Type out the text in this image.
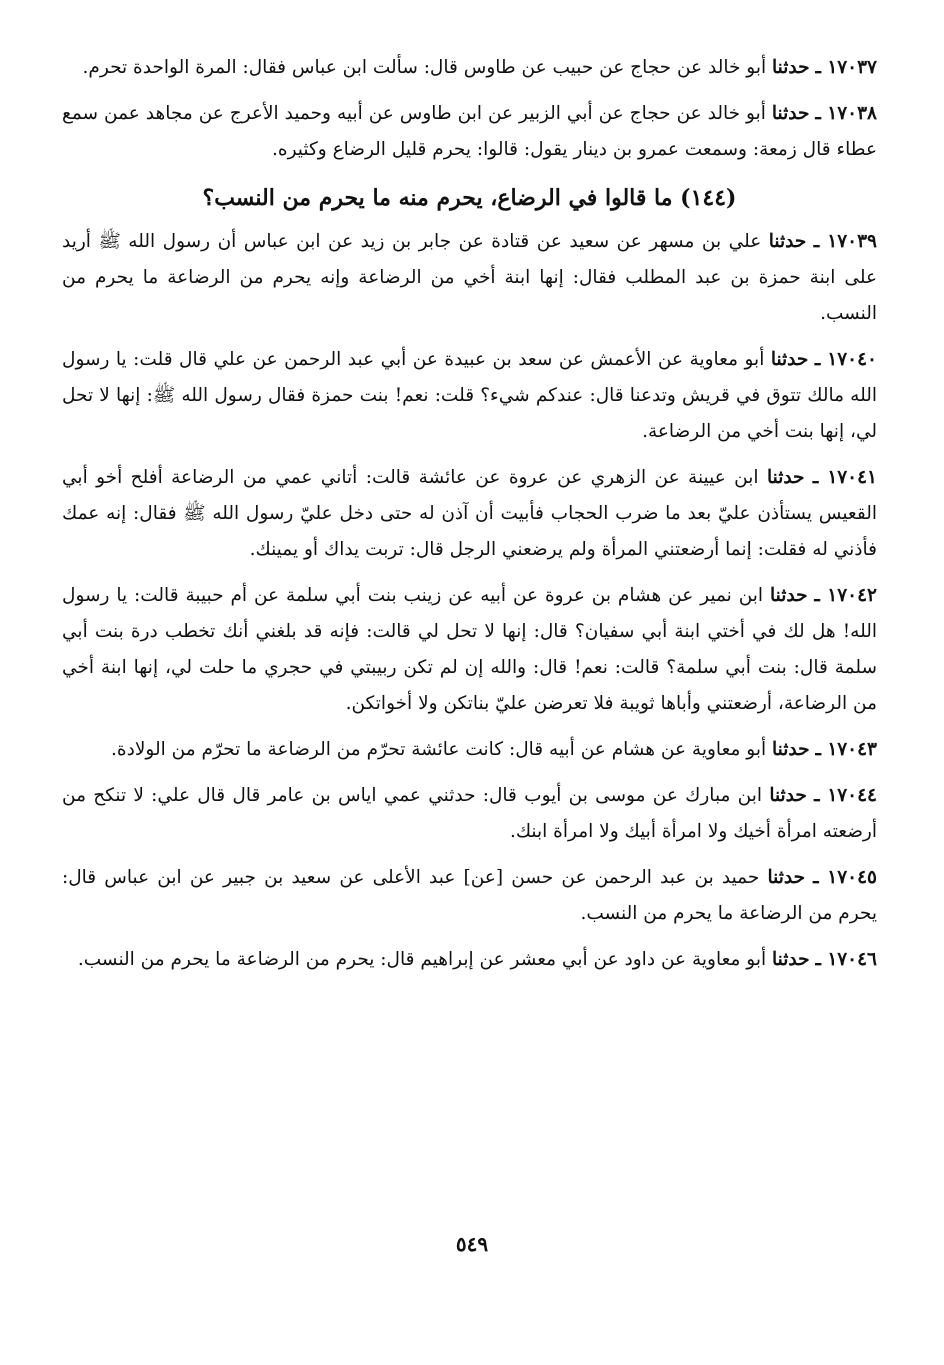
١٧٠٣٧ ـ حدثنا أبو خالد عن حجاج عن حبيب عن طاوس قال: سألت ابن عباس فقال: المرة الواحدة تحرم.

١٧٠٣٨ ـ حدثنا أبو خالد عن حجاج عن أبي الزبير عن ابن طاوس عن أبيه وحميد الأعرج عن مجاهد عمن سمع عطاء قال زمعة: وسمعت عمرو بن دينار يقول: قالوا: يحرم قليل الرضاع وكثيره.

(١٤٤) ما قالوا في الرضاع، يحرم منه ما يحرم من النسب؟

١٧٠٣٩ ـ حدثنا علي بن مسهر عن سعيد عن قتادة عن جابر بن زيد عن ابن عباس أن رسول الله ﷺ أريد على ابنة حمزة بن عبد المطلب فقال: إنها ابنة أخي من الرضاعة وإنه يحرم من الرضاعة ما يحرم من النسب.

١٧٠٤٠ ـ حدثنا أبو معاوية عن الأعمش عن سعد بن عبيدة عن أبي عبد الرحمن عن علي قال قلت: يا رسول الله مالك تتوق في قريش وتدعنا قال: عندكم شيء؟ قلت: نعم! بنت حمزة فقال رسول الله ﷺ: إنها لا تحل لي، إنها بنت أخي من الرضاعة.

١٧٠٤١ ـ حدثنا ابن عيينة عن الزهري عن عروة عن عائشة قالت: أتاني عمي من الرضاعة أفلح أخو أبي القعيس يستأذن عليّ بعد ما ضرب الحجاب فأبيت أن آذن له حتى دخل عليّ رسول الله ﷺ فقال: إنه عمك فأذني له فقلت: إنما أرضعتني المرأة ولم يرضعني الرجل قال: تربت يداك أو يمينك.

١٧٠٤٢ ـ حدثنا ابن نمير عن هشام بن عروة عن أبيه عن زينب بنت أبي سلمة عن أم حبيبة قالت: يا رسول الله! هل لك في أختي ابنة أبي سفيان؟ قال: إنها لا تحل لي قالت: فإنه قد بلغني أنك تخطب درة بنت أبي سلمة قال: بنت أبي سلمة؟ قالت: نعم! قال: والله إن لم تكن ربيبتي في حجري ما حلت لي، إنها ابنة أخي من الرضاعة، أرضعتني وأباها ثويبة فلا تعرضن عليّ بناتكن ولا أخواتكن.

١٧٠٤٣ ـ حدثنا أبو معاوية عن هشام عن أبيه قال: كانت عائشة تحرّم من الرضاعة ما تحرّم من الولادة.

١٧٠٤٤ ـ حدثنا ابن مبارك عن موسى بن أيوب قال: حدثني عمي اياس بن عامر قال قال علي: لا تنكح من أرضعته امرأة أخيك ولا امرأة أبيك ولا امرأة ابنك.

١٧٠٤٥ ـ حدثنا حميد بن عبد الرحمن عن حسن [عن] عبد الأعلى عن سعيد بن جبير عن ابن عباس قال: يحرم من الرضاعة ما يحرم من النسب.

١٧٠٤٦ ـ حدثنا أبو معاوية عن داود عن أبي معشر عن إبراهيم قال: يحرم من الرضاعة ما يحرم من النسب.

٥٤٩
